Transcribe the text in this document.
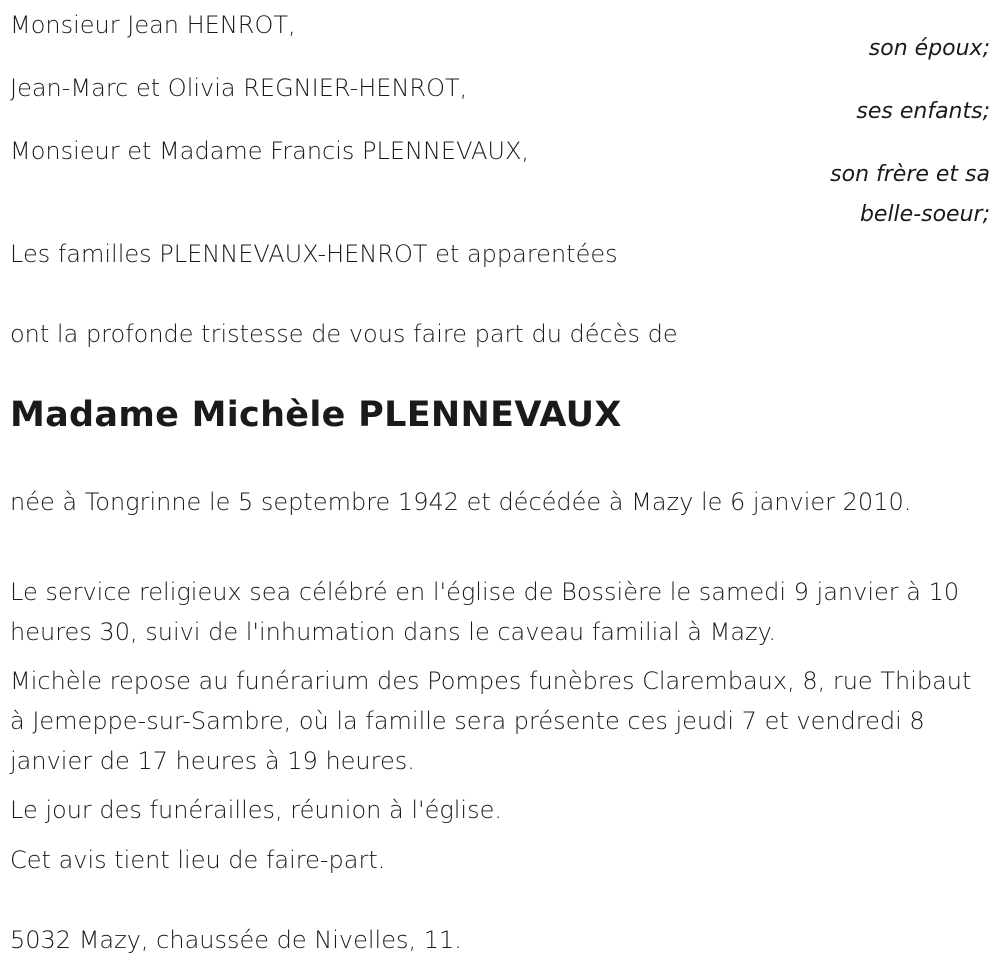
Monsieur Jean HENROT,
son époux;
Jean-Marc et Olivia REGNIER-HENROT,
ses enfants;
Monsieur et Madame Francis PLENNEVAUX,
son frère et sa
belle-soeur;
Les familles PLENNEVAUX-HENROT et apparentées
ont la profonde tristesse de vous faire part du décès de
Madame Michèle PLENNEVAUX
née à Tongrinne le 5 septembre 1942 et décédée à Mazy le 6 janvier 2010.
Le service religieux sea célébré en l'église de Bossière le samedi 9 janvier à 10 heures 30, suivi de l'inhumation dans le caveau familial à Mazy.
Michèle repose au funérarium des Pompes funèbres Clarembaux, 8, rue Thibaut à Jemeppe-sur-Sambre, où la famille sera présente ces jeudi 7 et vendredi 8 janvier de 17 heures à 19 heures.
Le jour des funérailles, réunion à l'église.
Cet avis tient lieu de faire-part.
5032 Mazy, chaussée de Nivelles, 11.
